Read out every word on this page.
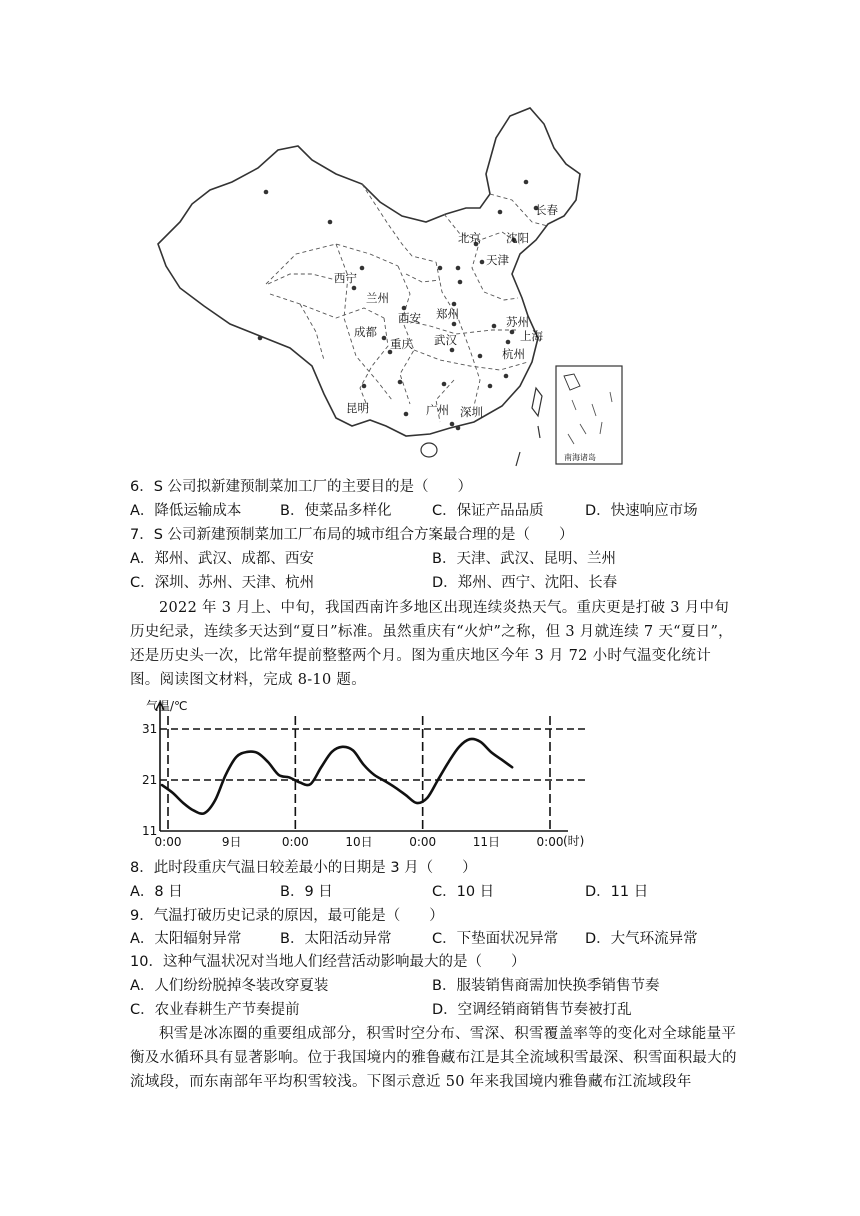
南海诸岛
长春
北京 沈阳
天津
西宁
兰州
西安 郑州
成都
苏州
上海
重庆 武汉
杭州
昆明	广州 深圳
6．S 公司拟新建预制菜加工厂的主要目的是（　　）
A．降低运输成本	B．使菜品多样化	C．保证产品品质	D．快速响应市场
7．S 公司新建预制菜加工厂布局的城市组合方案最合理的是（　　）
A．郑州、武汉、成都、西安	B．天津、武汉、昆明、兰州
C．深圳、苏州、天津、杭州	D．郑州、西宁、沈阳、长春
2022 年 3 月上、中旬，我国西南许多地区出现连续炎热天气。重庆更是打破 3 月中旬历史纪录，连续多天达到“夏日”标准。虽然重庆有“火炉”之称，但 3 月就连续 7 天“夏日”，还是历史头一次，比常年提前整整两个月。图为重庆地区今年 3 月 72 小时气温变化统计图。阅读图文材料，完成 8-10 题。
11
21
31
0:00	9日	0:00	10日	0:00	11日	0:00
气温/℃
(时)
8．此时段重庆气温日较差最小的日期是 3 月（　　）
A．8 日	B．9 日	C．10 日	D．11 日
9．气温打破历史记录的原因，最可能是（　　）
A．太阳辐射异常	B．太阳活动异常	C．下垫面状况异常 D．大气环流异常
10．这种气温状况对当地人们经营活动影响最大的是（　　）
A．人们纷纷脱掉冬装改穿夏装	B．服装销售商需加快换季销售节奏
C．农业春耕生产节奏提前	D．空调经销商销售节奏被打乱
积雪是冰冻圈的重要组成部分，积雪时空分布、雪深、积雪覆盖率等的变化对全球能量平衡及水循环具有显著影响。位于我国境内的雅鲁藏布江是其全流域积雪最深、积雪面积最大的流域段，而东南部年平均积雪较浅。下图示意近 50 年来我国境内雅鲁藏布江流域段年
